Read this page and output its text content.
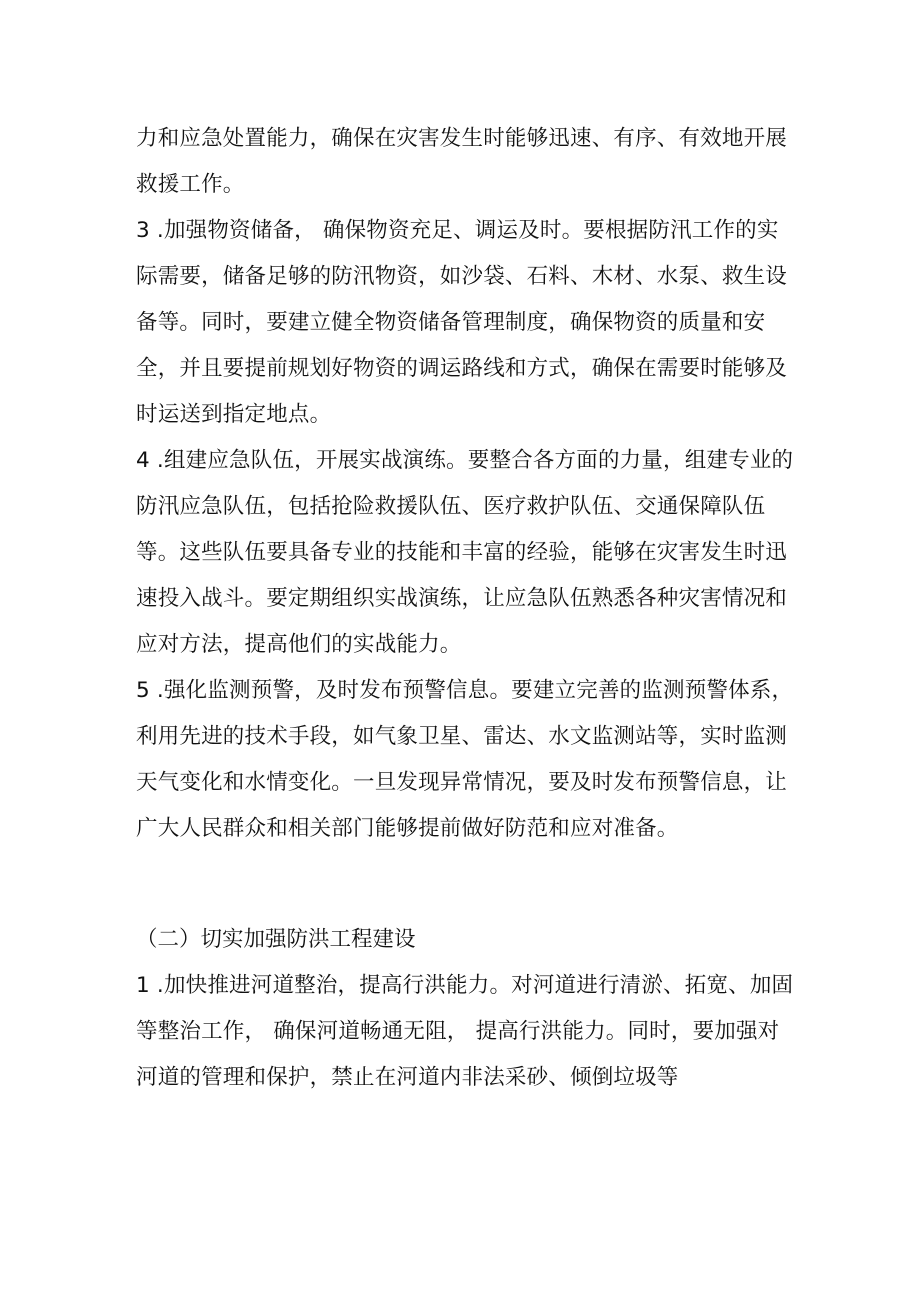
力和应急处置能力，确保在灾害发生时能够迅速、有序、有效地开展救援工作。

3 .加强物资储备， 确保物资充足、调运及时。要根据防汛工作的实际需要，储备足够的防汛物资，如沙袋、石料、木材、水泵、救生设备等。同时，要建立健全物资储备管理制度，确保物资的质量和安全，并且要提前规划好物资的调运路线和方式，确保在需要时能够及时运送到指定地点。

4 .组建应急队伍，开展实战演练。要整合各方面的力量，组建专业的防汛应急队伍，包括抢险救援队伍、医疗救护队伍、交通保障队伍等。这些队伍要具备专业的技能和丰富的经验，能够在灾害发生时迅速投入战斗。要定期组织实战演练，让应急队伍熟悉各种灾害情况和应对方法，提高他们的实战能力。

5 .强化监测预警，及时发布预警信息。要建立完善的监测预警体系，利用先进的技术手段，如气象卫星、雷达、水文监测站等，实时监测天气变化和水情变化。一旦发现异常情况，要及时发布预警信息，让广大人民群众和相关部门能够提前做好防范和应对准备。

（二）切实加强防洪工程建设

1 .加快推进河道整治，提高行洪能力。对河道进行清淤、拓宽、加固等整治工作， 确保河道畅通无阻， 提高行洪能力。同时，要加强对河道的管理和保护，禁止在河道内非法采砂、倾倒垃圾等
